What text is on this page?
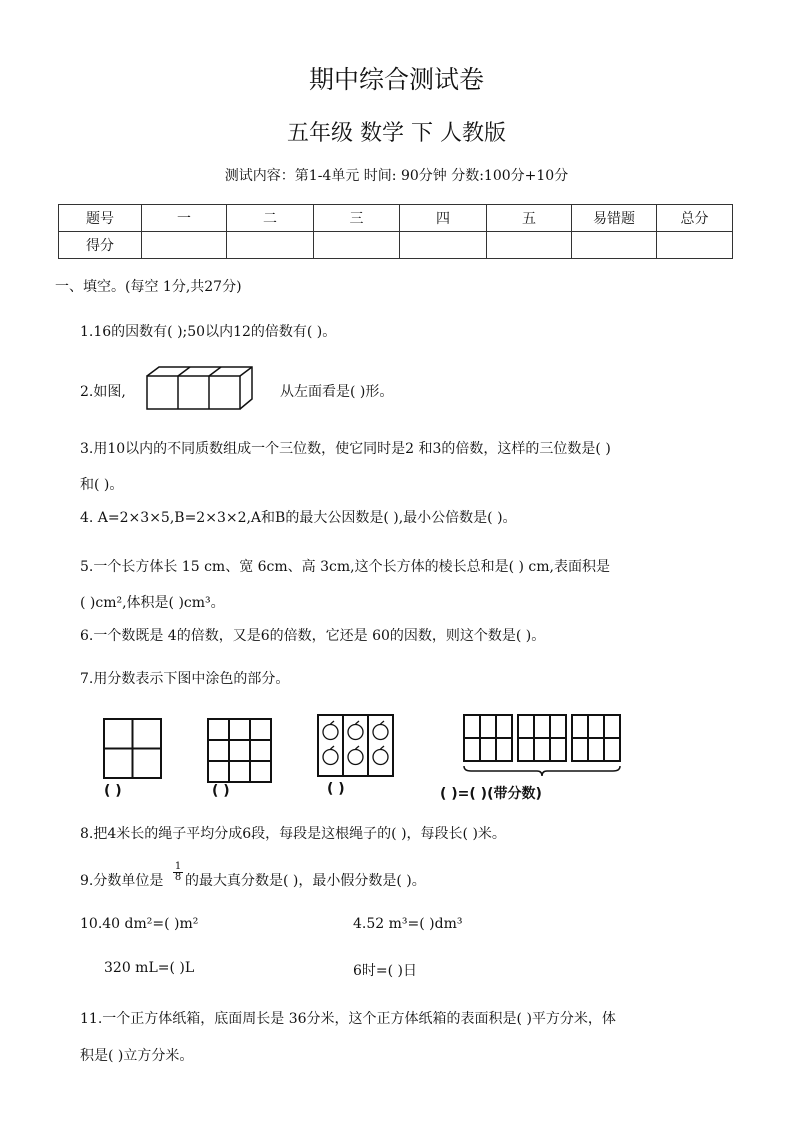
期中综合测试卷
五年级 数学 下 人教版
测试内容：第1-4单元 时间: 90分钟 分数:100分+10分
题号	一	二	三	四	五	易错题	总分
得分							
一、填空。(每空 1分,共27分)
1.16的因数有( );50以内12的倍数有( )。
2.如图,	从左面看是( )形。
3.用10以内的不同质数组成一个三位数，使它同时是2 和3的倍数，这样的三位数是( )
和( )。
4. A=2×3×5,B=2×3×2,A和B的最大公因数是( ),最小公倍数是( )。
5.一个长方体长 15 cm、宽 6cm、高 3cm,这个长方体的棱长总和是( ) cm,表面积是
( )cm²,体积是( )cm³。
6.一个数既是 4的倍数，又是6的倍数，它还是 60的因数，则这个数是( )。
7.用分数表示下图中涂色的部分。
( )	( )	( )	( )=( )(带分数)
8.把4米长的绳子平均分成6段，每段是这根绳子的( )，每段长( )米。
9.分数单位是 $\frac{1}{8}$ 的最大真分数是( )，最小假分数是( )。
10.40 dm²=( )m²	4.52 m³=( )dm³
320 mL=( )L	6时=( )日
11.一个正方体纸箱，底面周长是 36分米，这个正方体纸箱的表面积是( )平方分米，体
积是( )立方分米。
